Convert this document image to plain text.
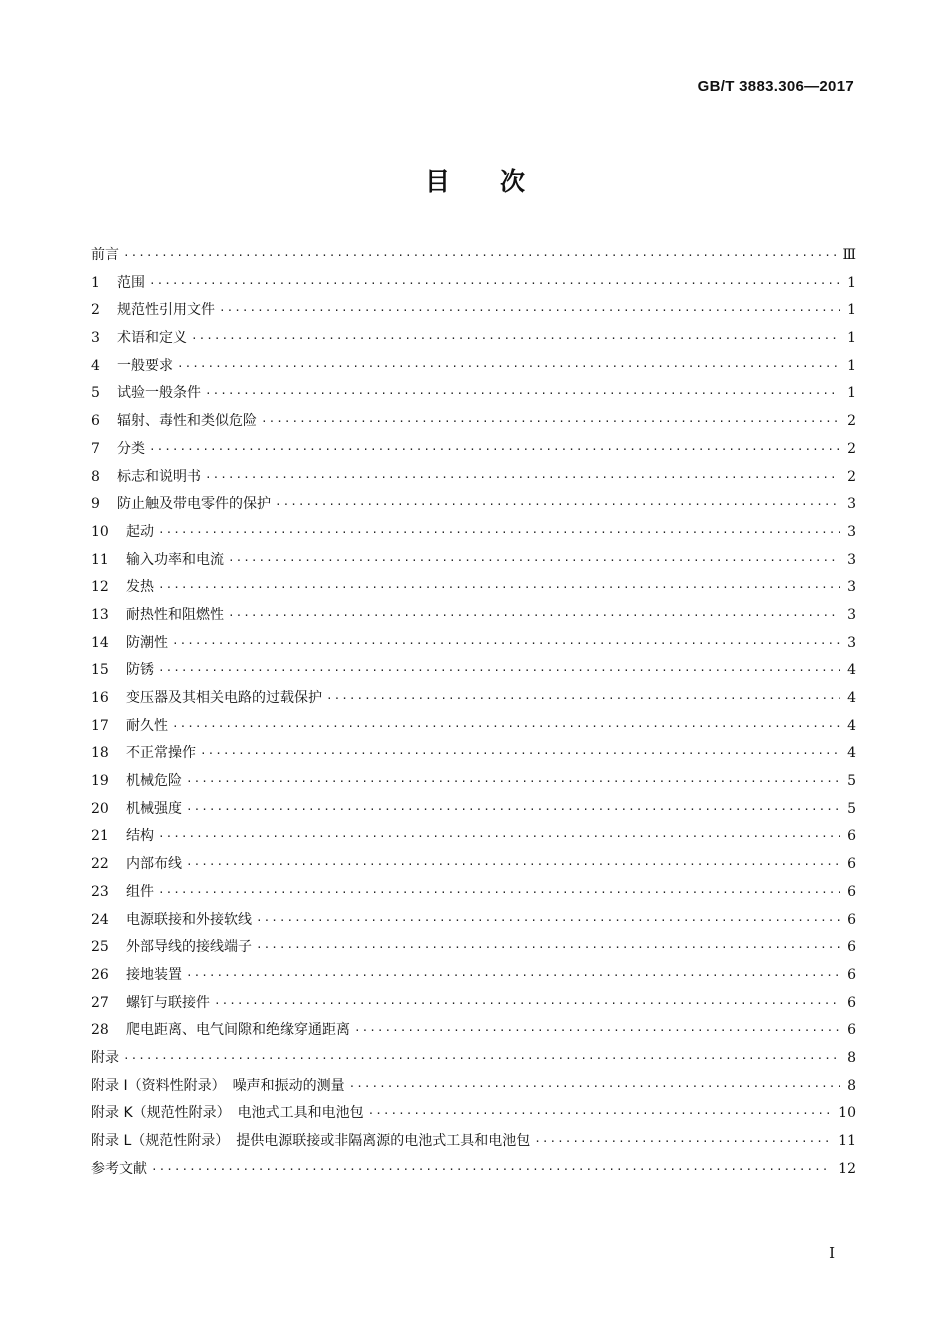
GB/T 3883.306—2017
目次
前言 ·····	Ⅲ
1	范围 ·····	1
2	规范性引用文件 ·····	1
3	术语和定义 ·····	1
4	一般要求 ·····	1
5	试验一般条件 ·····	1
6	辐射、毒性和类似危险 ·····	2
7	分类 ·····	2
8	标志和说明书 ·····	2
9	防止触及带电零件的保护 ·····	3
10	起动 ·····	3
11	输入功率和电流 ·····	3
12	发热 ·····	3
13	耐热性和阻燃性 ·····	3
14	防潮性 ·····	3
15	防锈 ·····	4
16	变压器及其相关电路的过载保护 ·····	4
17	耐久性 ·····	4
18	不正常操作 ·····	4
19	机械危险 ·····	5
20	机械强度 ·····	5
21	结构 ·····	6
22	内部布线 ·····	6
23	组件 ·····	6
24	电源联接和外接软线 ·····	6
25	外部导线的接线端子 ·····	6
26	接地装置 ·····	6
27	螺钉与联接件 ·····	6
28	爬电距离、电气间隙和绝缘穿通距离 ·····	6
附录 ·····	8
附录 I（资料性附录）　噪声和振动的测量 ·····	8
附录 K（规范性附录）　电池式工具和电池包 ·····	10
附录 L（规范性附录）　提供电源联接或非隔离源的电池式工具和电池包 ·····	11
参考文献 ·····	12
I
